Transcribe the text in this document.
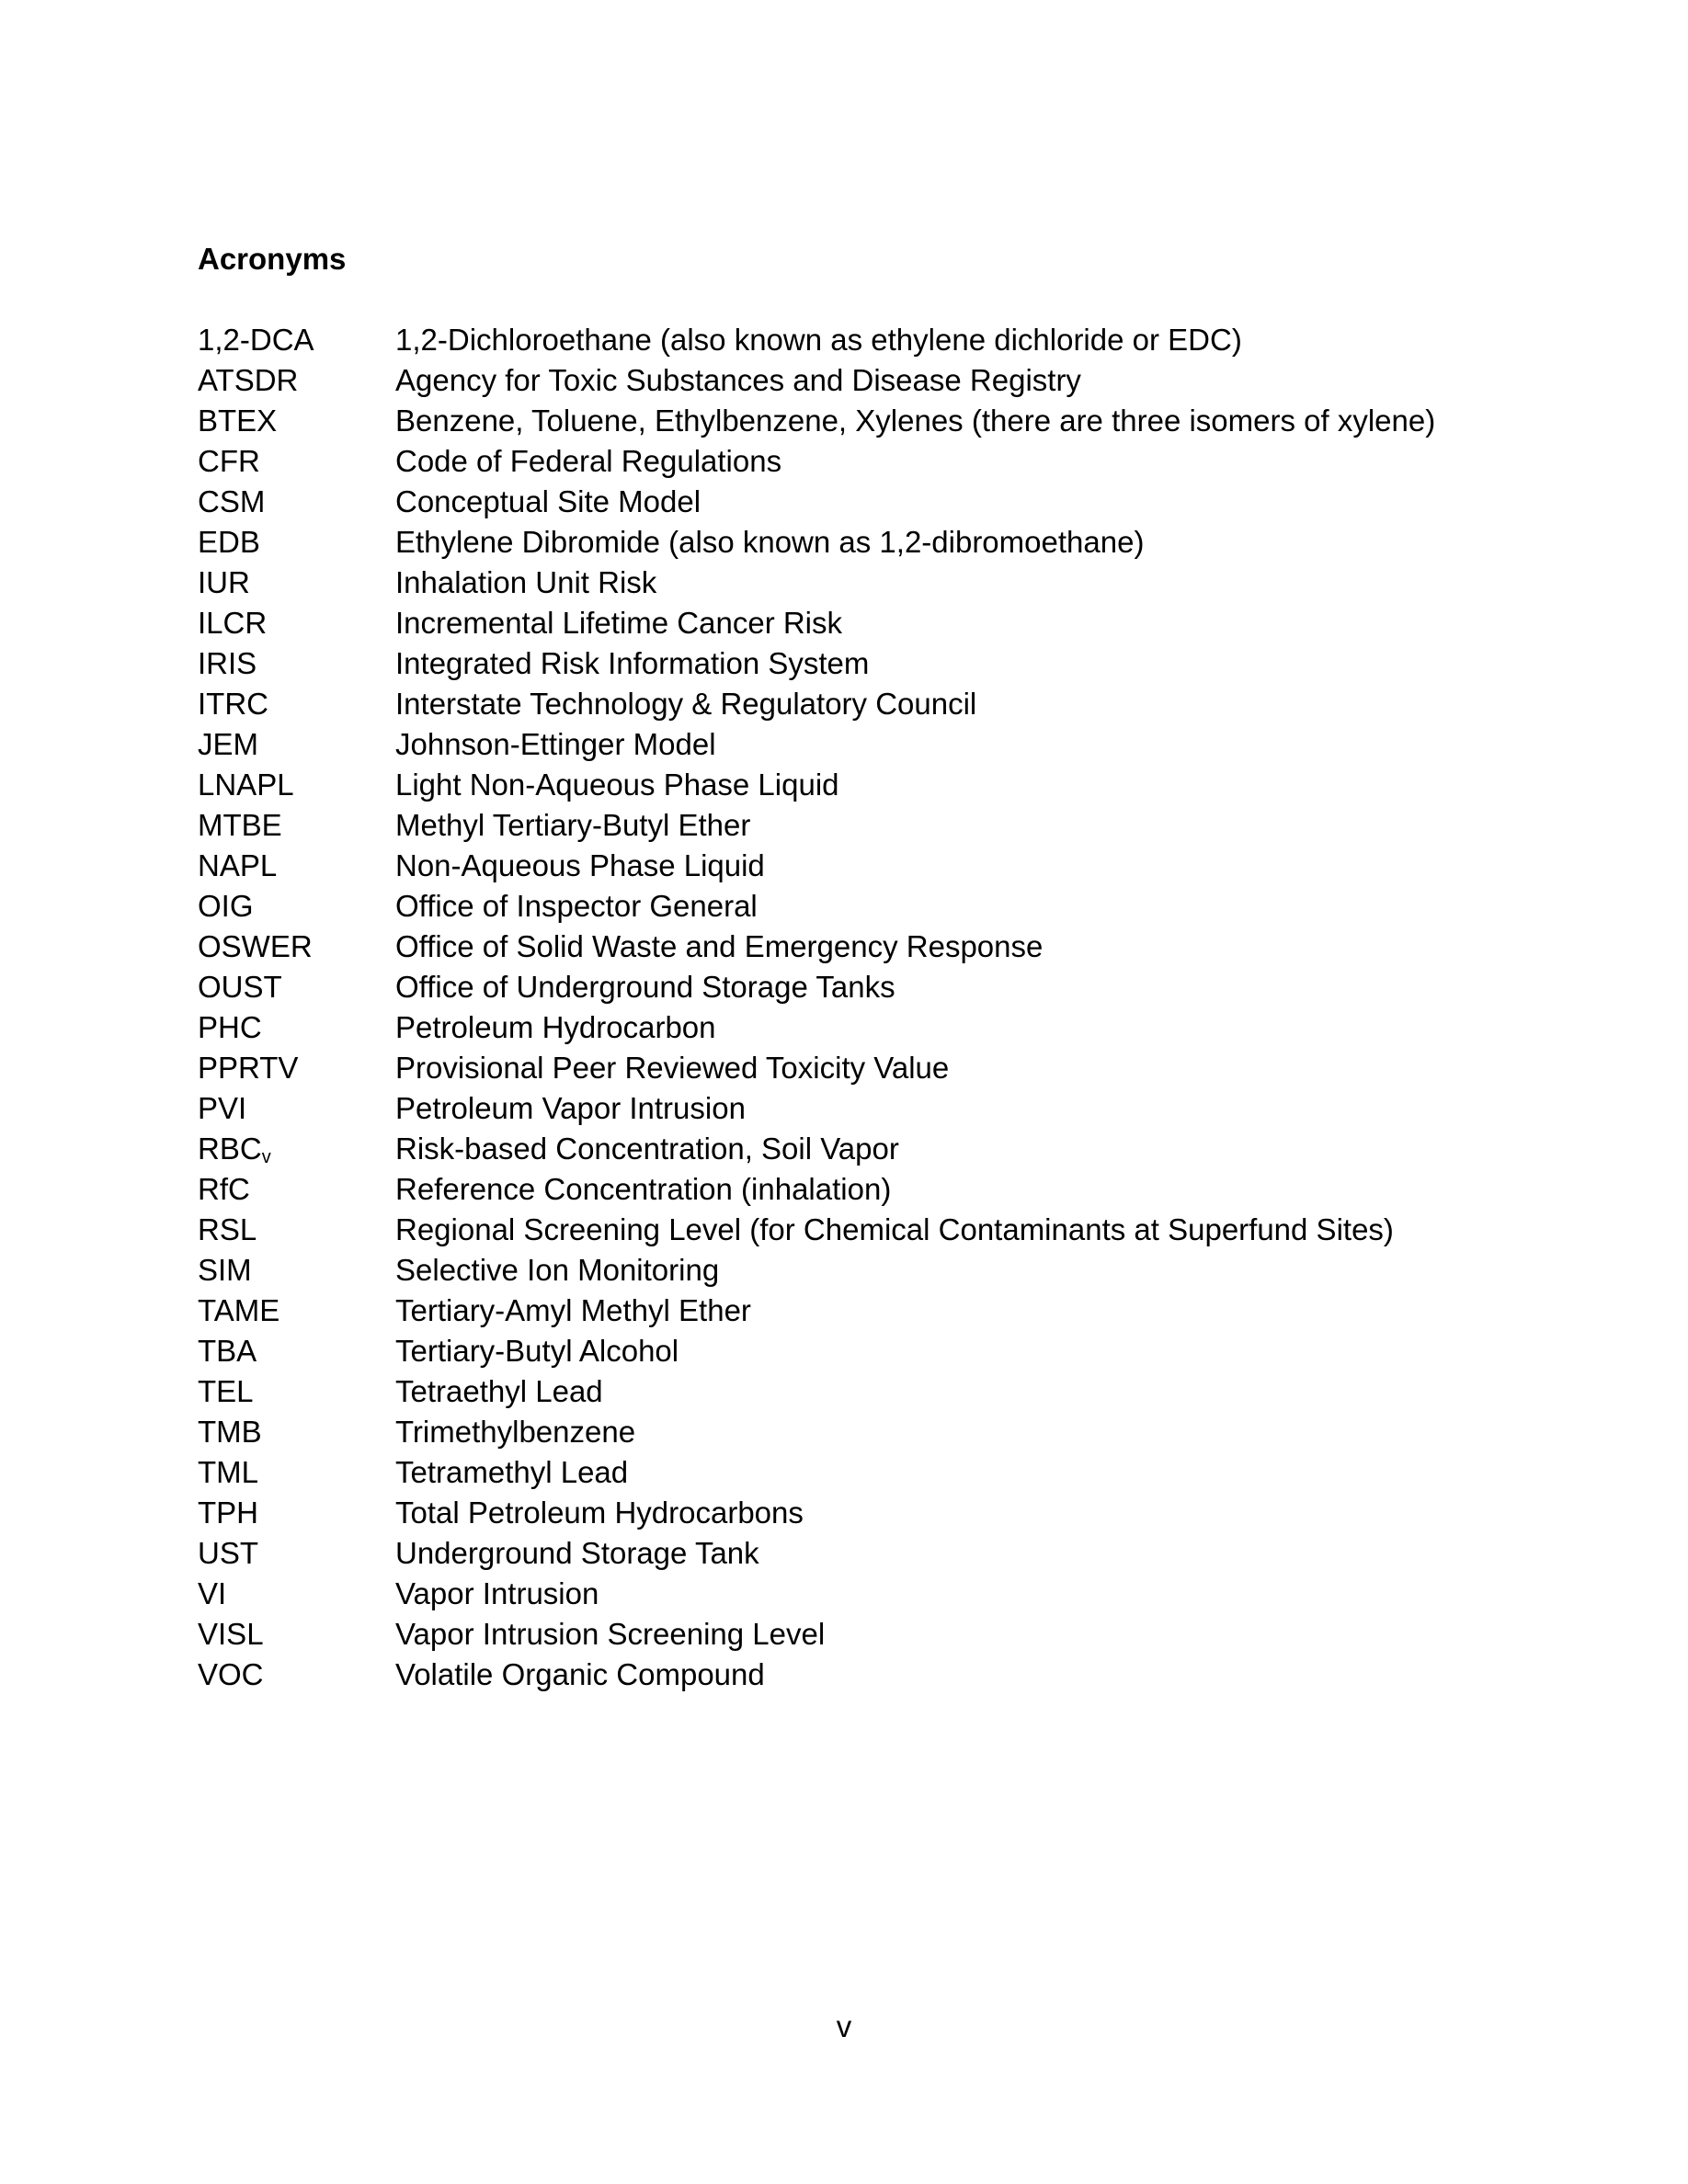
Acronyms
1,2-DCA	1,2-Dichloroethane (also known as ethylene dichloride or EDC)
ATSDR	Agency for Toxic Substances and Disease Registry
BTEX	Benzene, Toluene, Ethylbenzene, Xylenes (there are three isomers of xylene)
CFR	Code of Federal Regulations
CSM	Conceptual Site Model
EDB	Ethylene Dibromide (also known as 1,2-dibromoethane)
IUR	Inhalation Unit Risk
ILCR	Incremental Lifetime Cancer Risk
IRIS	Integrated Risk Information System
ITRC	Interstate Technology & Regulatory Council
JEM	Johnson-Ettinger Model
LNAPL	Light Non-Aqueous Phase Liquid
MTBE	Methyl Tertiary-Butyl Ether
NAPL	Non-Aqueous Phase Liquid
OIG	Office of Inspector General
OSWER	Office of Solid Waste and Emergency Response
OUST	Office of Underground Storage Tanks
PHC	Petroleum Hydrocarbon
PPRTV	Provisional Peer Reviewed Toxicity Value
PVI	Petroleum Vapor Intrusion
$RBC_v$	Risk-based Concentration, Soil Vapor
RfC	Reference Concentration (inhalation)
RSL	Regional Screening Level (for Chemical Contaminants at Superfund Sites)
SIM	Selective Ion Monitoring
TAME	Tertiary-Amyl Methyl Ether
TBA	Tertiary-Butyl Alcohol
TEL	Tetraethyl Lead
TMB	Trimethylbenzene
TML	Tetramethyl Lead
TPH	Total Petroleum Hydrocarbons
UST	Underground Storage Tank
VI	Vapor Intrusion
VISL	Vapor Intrusion Screening Level
VOC	Volatile Organic Compound
v
